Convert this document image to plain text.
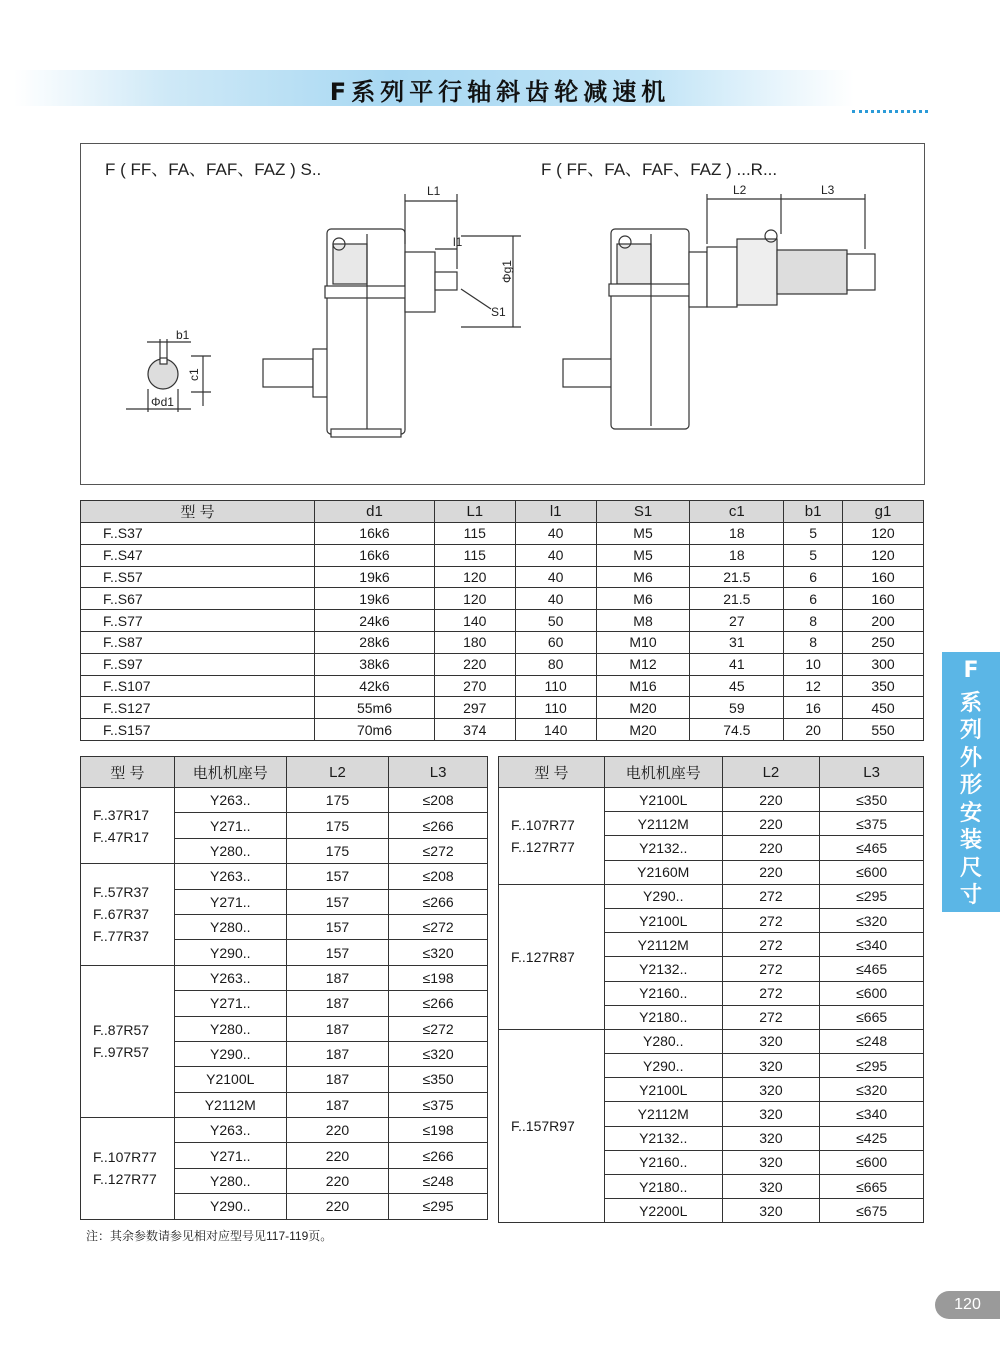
F系列平行轴斜齿轮减速机
b1
c1
Φd1
L1
l1
Φg1
S1
L2	L3
F ( FF、FA、FAF、FAZ ) S..	F ( FF、FA、FAF、FAZ ) ...R...
型 号	d1	L1	l1	S1	c1	b1	g1
F..S37	16k6	115	40	M5	18	5	120
F..S47	16k6	115	40	M5	18	5	120
F..S57	19k6	120	40	M6	21.5	6	160
F..S67	19k6	120	40	M6	21.5	6	160
F..S77	24k6	140	50	M8	27	8	200
F..S87	28k6	180	60	M10	31	8	250
F..S97	38k6	220	80	M12	41	10	300
F..S107	42k6	270	110	M16	45	12	350
F..S127	55m6	297	110	M20	59	16	450
F..S157	70m6	374	140	M20	74.5	20	550
型 号	电机机座号	L2	L3

F..37R17
F..47R17	Y263..	175	≤208
	Y271..	175	≤266
	Y280..	175	≤272

F..57R37
F..67R37
F..77R37	Y263..	157	≤208
	Y271..	157	≤266
	Y280..	157	≤272
	Y290..	157	≤320

F..87R57
F..97R57	Y263..	187	≤198
	Y271..	187	≤266
	Y280..	187	≤272
	Y290..	187	≤320
	Y2100L	187	≤350
	Y2112M	187	≤375

F..107R77
F..127R77	Y263..	220	≤198
	Y271..	220	≤266
	Y280..	220	≤248
	Y290..	220	≤295
型 号	电机机座号	L2	L3

F..107R77
F..127R77	Y2100L	220	≤350
	Y2112M	220	≤375
	Y2132..	220	≤465
	Y2160M	220	≤600

F..127R87	Y290..	272	≤295
	Y2100L	272	≤320
	Y2112M	272	≤340
	Y2132..	272	≤465
	Y2160..	272	≤600
	Y2180..	272	≤665

F..157R97	Y280..	320	≤248
	Y290..	320	≤295
	Y2100L	320	≤320
	Y2112M	320	≤340
	Y2132..	320	≤425
	Y2160..	320	≤600
	Y2180..	320	≤665
	Y2200L	320	≤675
注：其余参数请参见相对应型号见117-119页。
F
系
列
外
形
安
装
尺
寸
120
